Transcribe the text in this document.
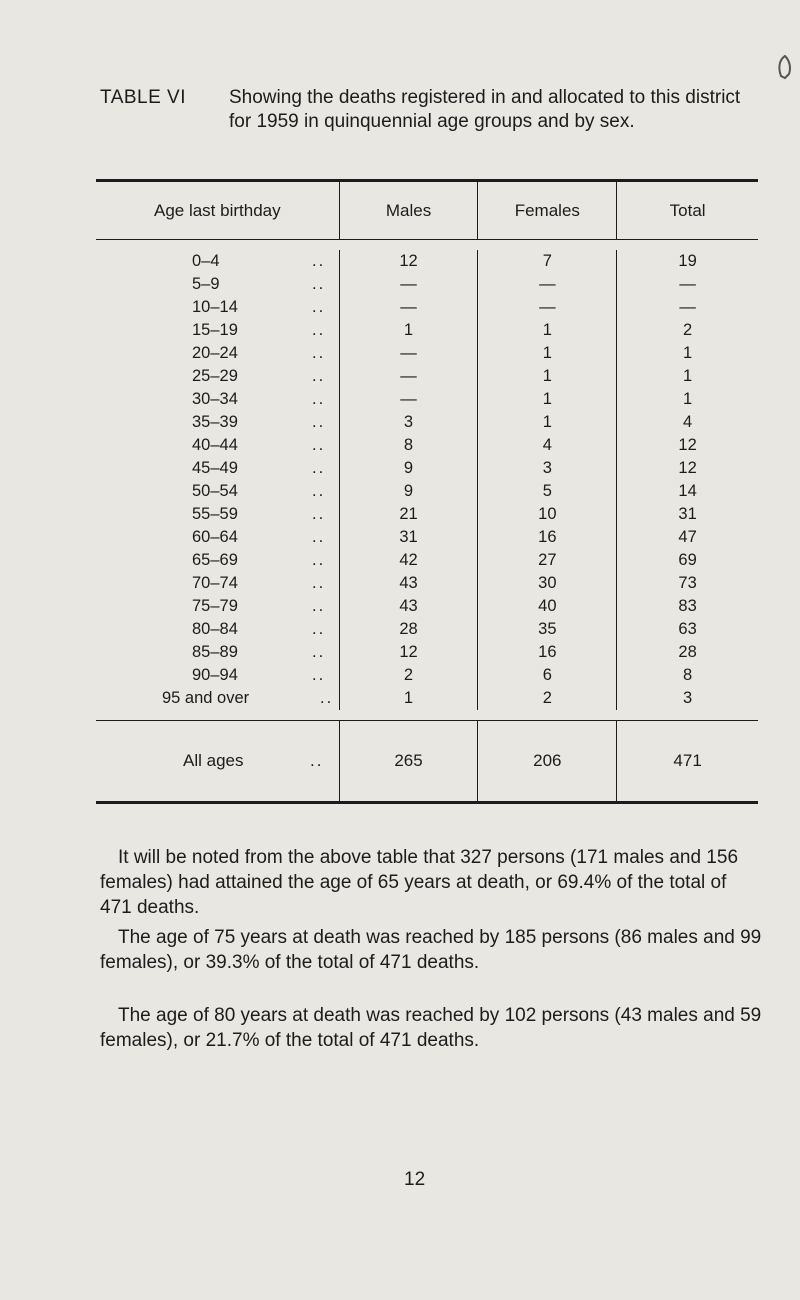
TABLE VI Showing the deaths registered in and allocated to this district for 1959 in quinquennial age groups and by sex.
Age last birthday	Males	Females	Total
0–4	..	12	7	19
5–9	..	—	—	—
10–14	..	—	—	—
15–19	..	1	1	2
20–24	..	—	1	1
25–29	..	—	1	1
30–34	..	—	1	1
35–39	..	3	1	4
40–44	..	8	4	12
45–49	..	9	3	12
50–54	..	9	5	14
55–59	..	21	10	31
60–64	..	31	16	47
65–69	..	42	27	69
70–74	..	43	30	73
75–79	..	43	40	83
80–84	..	28	35	63
85–89	..	12	16	28
90–94	..	2	6	8
95 and over	..	1	2	3
All ages	..	265	206	471

It will be noted from the above table that 327 persons (171 males and 156 females) had attained the age of 65 years at death, or 69.4% of the total of 471 deaths.

The age of 75 years at death was reached by 185 persons (86 males and 99 females), or 39.3% of the total of 471 deaths.

The age of 80 years at death was reached by 102 persons (43 males and 59 females), or 21.7% of the total of 471 deaths.

12
